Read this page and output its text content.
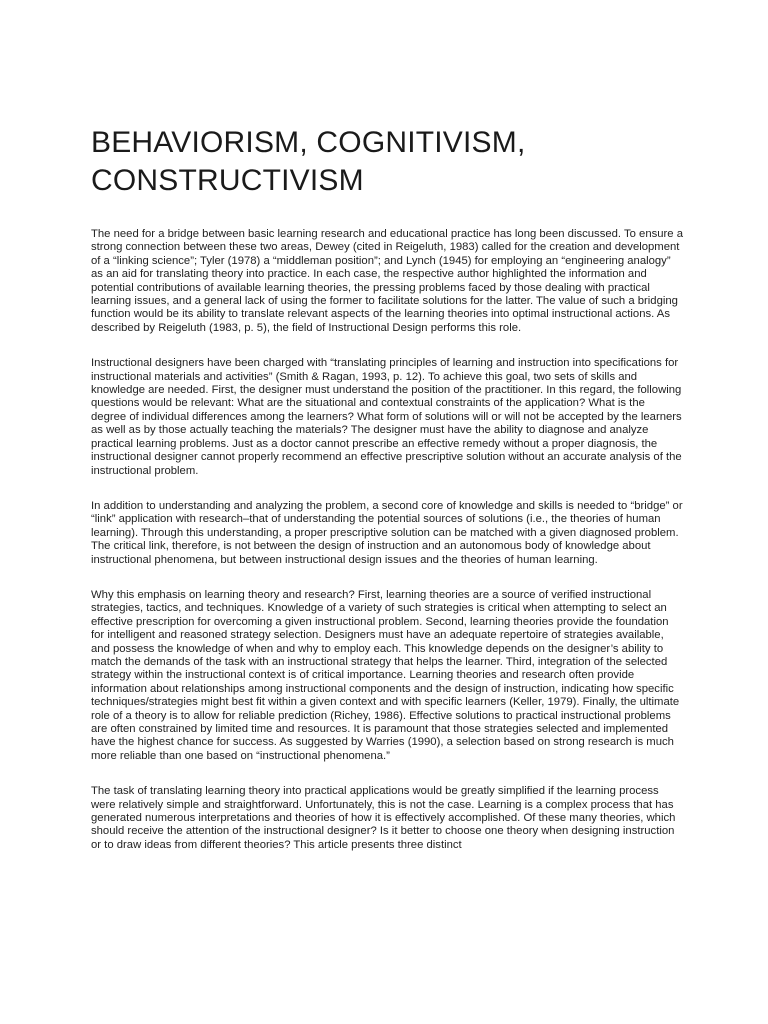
BEHAVIORISM, COGNITIVISM,
CONSTRUCTIVISM

The need for a bridge between basic learning research and educational practice has long been discussed. To ensure a strong connection between these two areas, Dewey (cited in Reigeluth, 1983) called for the creation and development of a “linking science”; Tyler (1978) a “middleman position”; and Lynch (1945) for employing an “engineering analogy” as an aid for translating theory into practice. In each case, the respective author highlighted the information and potential contributions of available learning theories, the pressing problems faced by those dealing with practical learning issues, and a general lack of using the former to facilitate solutions for the latter. The value of such a bridging function would be its ability to translate relevant aspects of the learning theories into optimal instructional actions. As described by Reigeluth (1983, p. 5), the field of Instructional Design performs this role.

Instructional designers have been charged with “translating principles of learning and instruction into specifications for instructional materials and activities” (Smith & Ragan, 1993, p. 12). To achieve this goal, two sets of skills and knowledge are needed. First, the designer must understand the position of the practitioner. In this regard, the following questions would be relevant: What are the situational and contextual constraints of the application? What is the degree of individual differences among the learners? What form of solutions will or will not be accepted by the learners as well as by those actually teaching the materials? The designer must have the ability to diagnose and analyze practical learning problems. Just as a doctor cannot prescribe an effective remedy without a proper diagnosis, the instructional designer cannot properly recommend an effective prescriptive solution without an accurate analysis of the instructional problem.

In addition to understanding and analyzing the problem, a second core of knowledge and skills is needed to “bridge” or “link” application with research–that of understanding the potential sources of solutions (i.e., the theories of human learning). Through this understanding, a proper prescriptive solution can be matched with a given diagnosed problem. The critical link, therefore, is not between the design of instruction and an autonomous body of knowledge about instructional phenomena, but between instructional design issues and the theories of human learning.

Why this emphasis on learning theory and research? First, learning theories are a source of verified instructional strategies, tactics, and techniques. Knowledge of a variety of such strategies is critical when attempting to select an effective prescription for overcoming a given instructional problem. Second, learning theories provide the foundation for intelligent and reasoned strategy selection. Designers must have an adequate repertoire of strategies available, and possess the knowledge of when and why to employ each. This knowledge depends on the designer’s ability to match the demands of the task with an instructional strategy that helps the learner. Third, integration of the selected strategy within the instructional context is of critical importance. Learning theories and research often provide information about relationships among instructional components and the design of instruction, indicating how specific techniques/strategies might best fit within a given context and with specific learners (Keller, 1979). Finally, the ultimate role of a theory is to allow for reliable prediction (Richey, 1986). Effective solutions to practical instructional problems are often constrained by limited time and resources. It is paramount that those strategies selected and implemented have the highest chance for success. As suggested by Warries (1990), a selection based on strong research is much more reliable than one based on “instructional phenomena.”

The task of translating learning theory into practical applications would be greatly simplified if the learning process were relatively simple and straightforward. Unfortunately, this is not the case. Learning is a complex process that has generated numerous interpretations and theories of how it is effectively accomplished. Of these many theories, which should receive the attention of the instructional designer? Is it better to choose one theory when designing instruction or to draw ideas from different theories? This article presents three distinct
